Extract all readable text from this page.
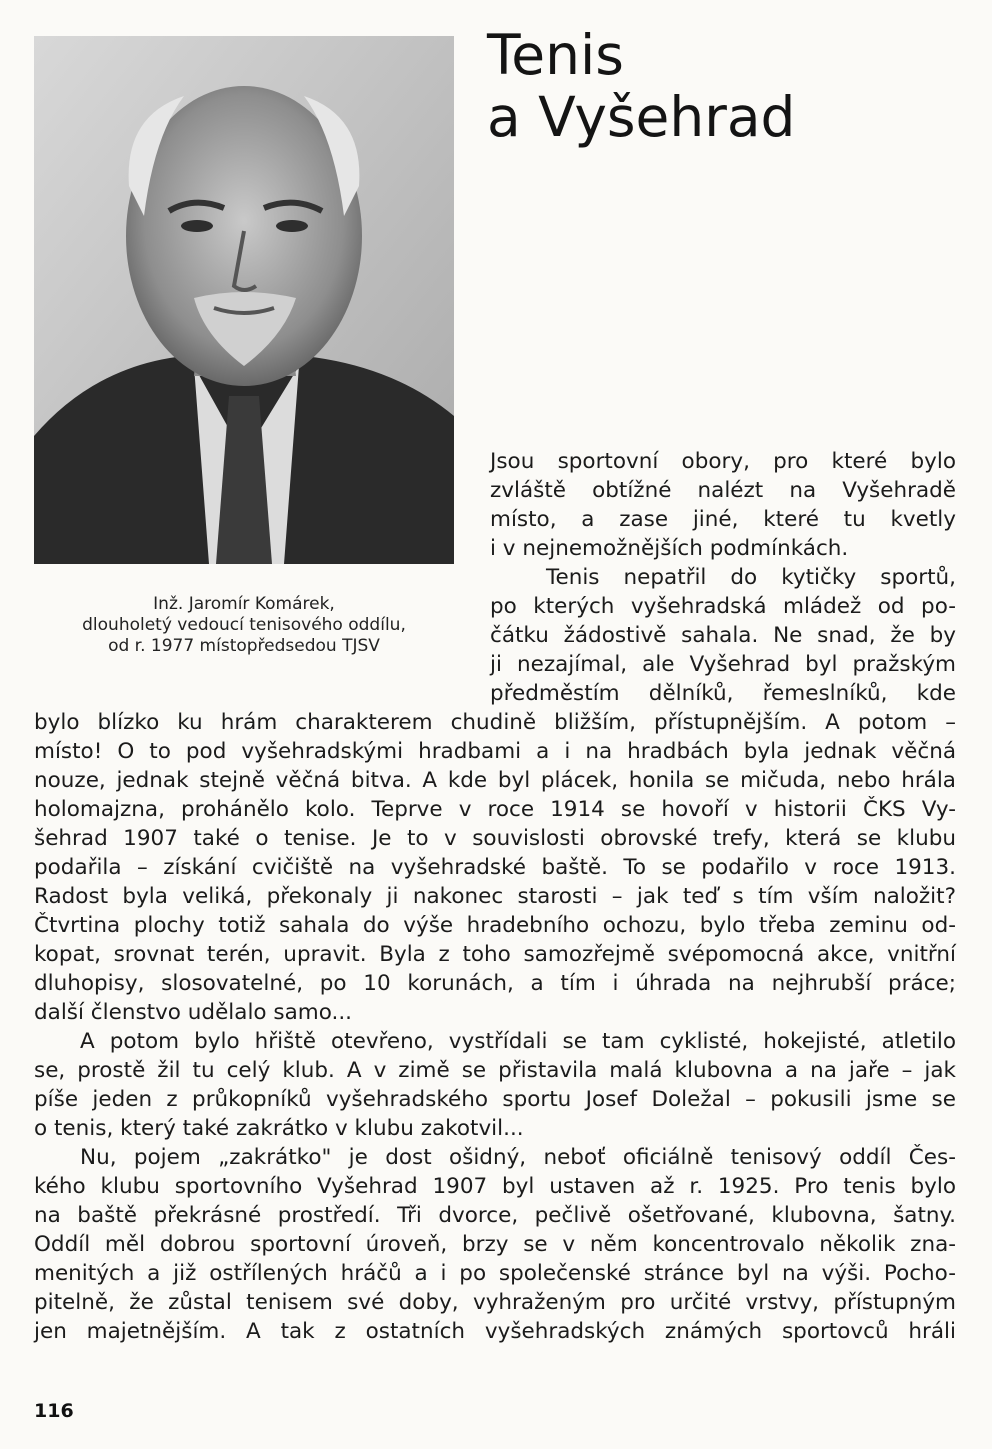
Inž. Jaromír Komárek,
dlouholetý vedoucí tenisového oddílu,
od r. 1977 místopředsedou TJSV
Tenis
a Vyšehrad
Jsou sportovní obory, pro které bylo
zvláště obtížné nalézt na Vyšehradě
místo, a zase jiné, které tu kvetly
i v nejnemožnějších podmínkách.
Tenis nepatřil do kytičky sportů,
po kterých vyšehradská mládež od po-
čátku žádostivě sahala. Ne snad, že by
ji nezajímal, ale Vyšehrad byl pražským
předměstím dělníků, řemeslníků, kde
bylo blízko ku hrám charakterem chudině bližším, přístupnějším. A potom –
místo! O to pod vyšehradskými hradbami a i na hradbách byla jednak věčná
nouze, jednak stejně věčná bitva. A kde byl plácek, honila se mičuda, nebo hrála
holomajzna, prohánělo kolo. Teprve v roce 1914 se hovoří v historii ČKS Vy-
šehrad 1907 také o tenise. Je to v souvislosti obrovské trefy, která se klubu
podařila – získání cvičiště na vyšehradské baště. To se podařilo v roce 1913.
Radost byla veliká, překonaly ji nakonec starosti – jak teď s tím vším naložit?
Čtvrtina plochy totiž sahala do výše hradebního ochozu, bylo třeba zeminu od-
kopat, srovnat terén, upravit. Byla z toho samozřejmě svépomocná akce, vnitřní
dluhopisy, slosovatelné, po 10 korunách, a tím i úhrada na nejhrubší práce;
další členstvo udělalo samo...
A potom bylo hřiště otevřeno, vystřídali se tam cyklisté, hokejisté, atletilo
se, prostě žil tu celý klub. A v zimě se přistavila malá klubovna a na jaře – jak
píše jeden z průkopníků vyšehradského sportu Josef Doležal – pokusili jsme se
o tenis, který také zakrátko v klubu zakotvil...
Nu, pojem „zakrátko" je dost ošidný, neboť oficiálně tenisový oddíl Čes-
kého klubu sportovního Vyšehrad 1907 byl ustaven až r. 1925. Pro tenis bylo
na baště překrásné prostředí. Tři dvorce, pečlivě ošetřované, klubovna, šatny.
Oddíl měl dobrou sportovní úroveň, brzy se v něm koncentrovalo několik zna-
menitých a již ostřílených hráčů a i po společenské stránce byl na výši. Pocho-
pitelně, že zůstal tenisem své doby, vyhraženým pro určité vrstvy, přístupným
jen majetnějším. A tak z ostatních vyšehradských známých sportovců hráli
116
